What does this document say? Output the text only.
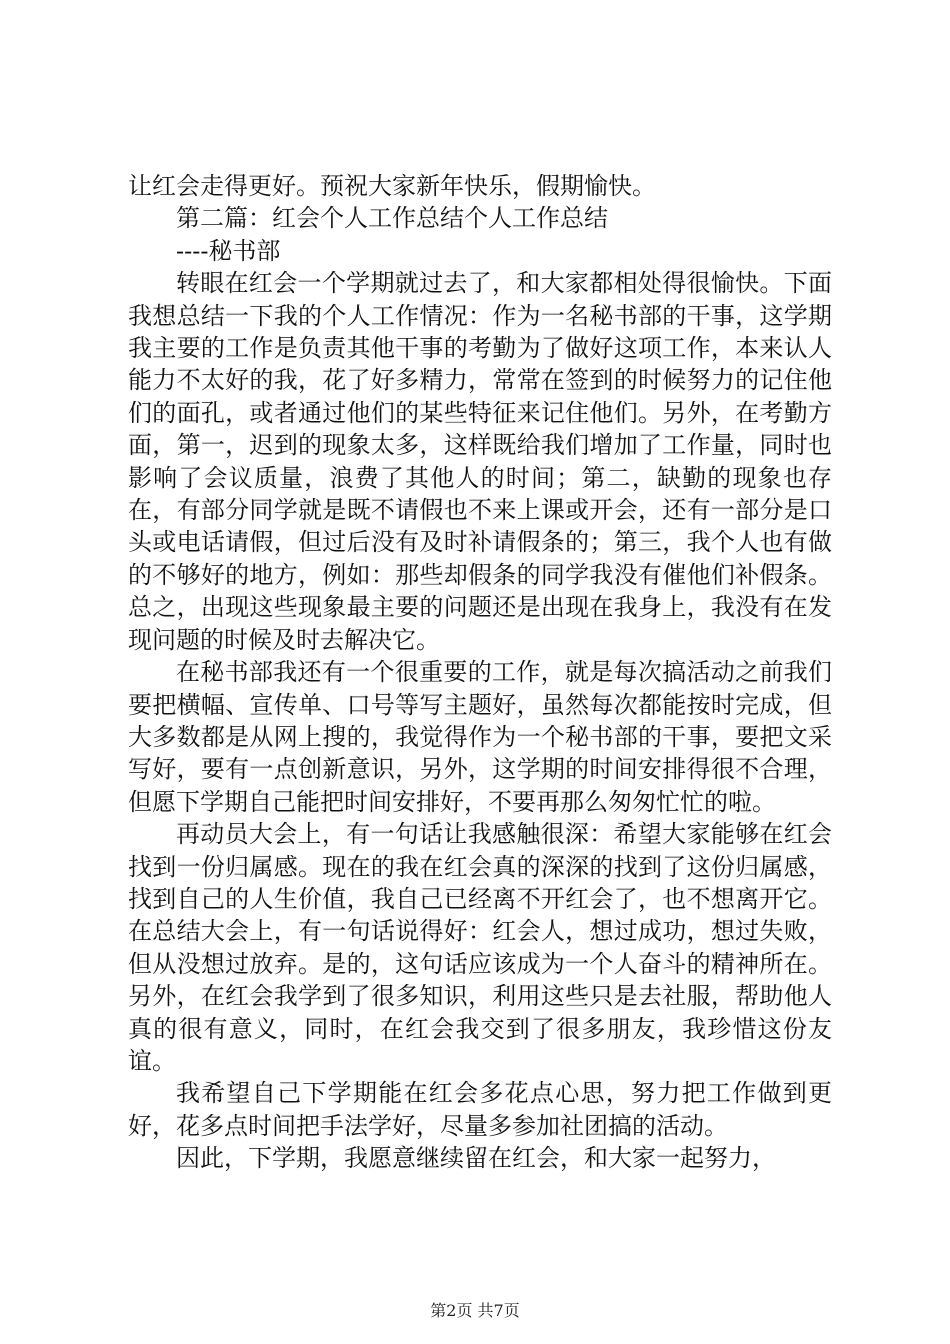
让红会走得更好。预祝大家新年快乐，假期愉快。

第二篇：红会个人工作总结个人工作总结

----秘书部

转眼在红会一个学期就过去了，和大家都相处得很愉快。下面我想总结一下我的个人工作情况：作为一名秘书部的干事，这学期我主要的工作是负责其他干事的考勤为了做好这项工作，本来认人能力不太好的我，花了好多精力，常常在签到的时候努力的记住他们的面孔，或者通过他们的某些特征来记住他们。另外，在考勤方面，第一，迟到的现象太多，这样既给我们增加了工作量，同时也影响了会议质量，浪费了其他人的时间；第二，缺勤的现象也存在，有部分同学就是既不请假也不来上课或开会，还有一部分是口头或电话请假，但过后没有及时补请假条的；第三，我个人也有做的不够好的地方，例如：那些却假条的同学我没有催他们补假条。总之，出现这些现象最主要的问题还是出现在我身上，我没有在发现问题的时候及时去解决它。

在秘书部我还有一个很重要的工作，就是每次搞活动之前我们要把横幅、宣传单、口号等写主题好，虽然每次都能按时完成，但大多数都是从网上搜的，我觉得作为一个秘书部的干事，要把文采写好，要有一点创新意识，另外，这学期的时间安排得很不合理，但愿下学期自己能把时间安排好，不要再那么匆匆忙忙的啦。

再动员大会上，有一句话让我感触很深：希望大家能够在红会找到一份归属感。现在的我在红会真的深深的找到了这份归属感，找到自己的人生价值，我自己已经离不开红会了，也不想离开它。在总结大会上，有一句话说得好：红会人，想过成功，想过失败，但从没想过放弃。是的，这句话应该成为一个人奋斗的精神所在。另外，在红会我学到了很多知识，利用这些只是去社服，帮助他人真的很有意义，同时，在红会我交到了很多朋友，我珍惜这份友谊。

我希望自己下学期能在红会多花点心思，努力把工作做到更好，花多点时间把手法学好，尽量多参加社团搞的活动。

因此，下学期，我愿意继续留在红会，和大家一起努力，

第2页 共7页
